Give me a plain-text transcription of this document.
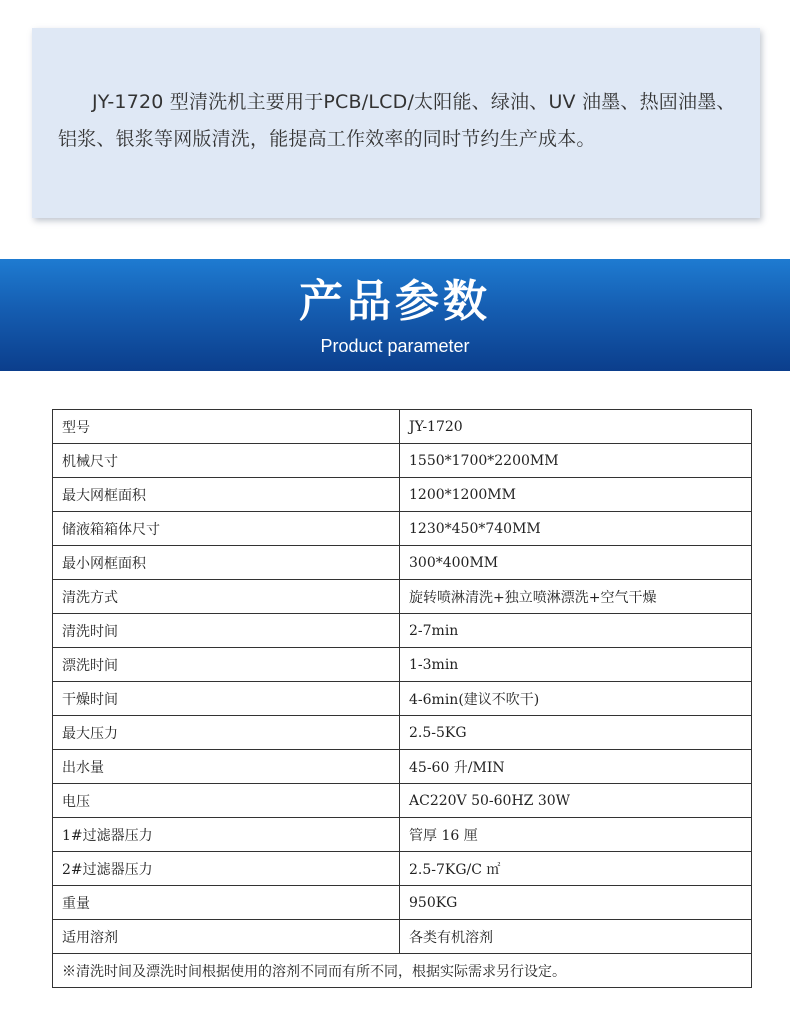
JY-1720 型清洗机主要用于PCB/LCD/太阳能、绿油、UV 油墨、热固油墨、铝浆、银浆等网版清洗，能提高工作效率的同时节约生产成本。

产品参数
Product parameter
型号	JY-1720
机械尺寸	1550*1700*2200MM
最大网框面积	1200*1200MM
储液箱箱体尺寸	1230*450*740MM
最小网框面积	300*400MM
清洗方式	旋转喷淋清洗+独立喷淋漂洗+空气干燥
清洗时间	2-7min
漂洗时间	1-3min
干燥时间	4-6min(建议不吹干)
最大压力	2.5-5KG
出水量	45-60 升/MIN
电压	AC220V 50-60HZ 30W
1#过滤器压力	管厚 16 厘
2#过滤器压力	2.5-7KG/C ㎡
重量	950KG
适用溶剂	各类有机溶剂
※清洗时间及漂洗时间根据使用的溶剂不同而有所不同，根据实际需求另行设定。	
